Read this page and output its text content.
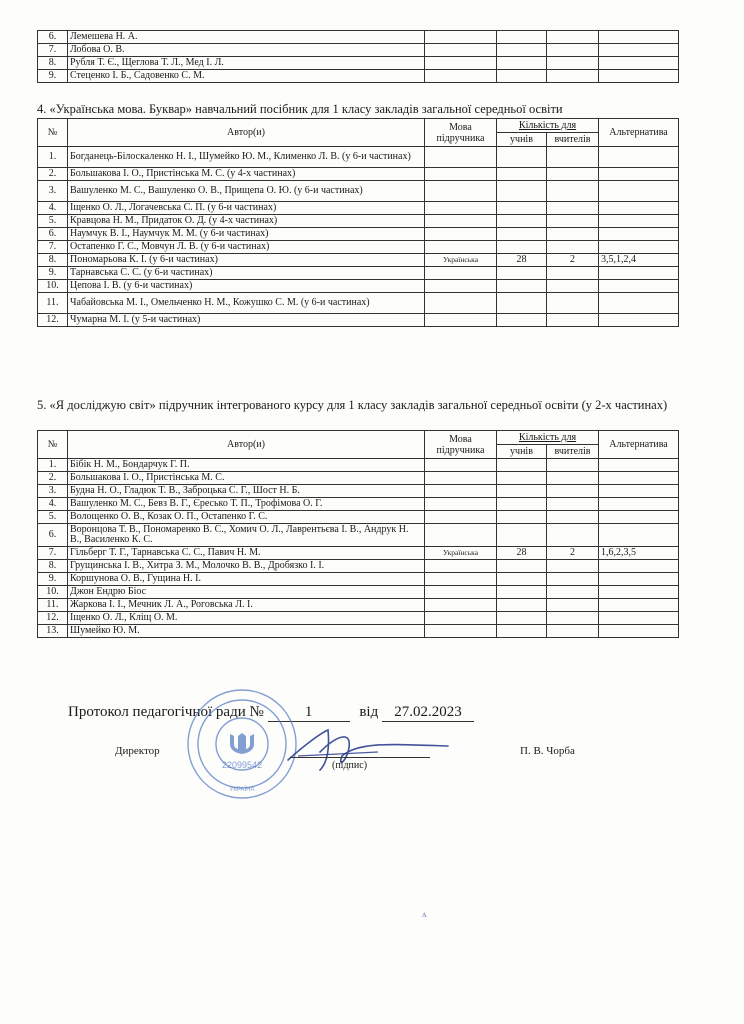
6.	Лемешева Н. А.				
7.	Лобова О. В.				
8.	Рубля Т. Є., Щеглова Т. Л., Мед І. Л.				
9.	Стеценко І. Б., Садовенко С. М.				
4. «Українська мова. Буквар» навчальний посібник для 1 класу закладів загальної середньої освіти
№	Автор(и)	Мова підручника	Кількість для		Альтернатива
			учнів	вчителів	
1.	Богданець-Білоскаленко Н. І., Шумейко Ю. М., Клименко Л. В. (у 6-и частинах)				
2.	Большакова І. О., Пристінська М. С. (у 4-х частинах)				
3.	Вашуленко М. С., Вашуленко О. В., Прищепа О. Ю. (у 6-и частинах)				
4.	Іщенко О. Л., Логачевська С. П. (у 6-и частинах)				
5.	Кравцова Н. М., Придаток О. Д. (у 4-х частинах)				
6.	Наумчук В. І., Наумчук М. М. (у 6-и частинах)				
7.	Остапенко Г. С., Мовчун Л. В. (у 6-и частинах)				
8.	Пономарьова К. І. (у 6-и частинах)	Українська	28	2	3,5,1,2,4
9.	Тарнавська С. С. (у 6-и частинах)				
10.	Цепова І. В. (у 6-и частинах)				
11.	Чабайовська М. І., Омельченко Н. М., Кожушко С. М. (у 6-и частинах)				
12.	Чумарна М. І. (у 5-и частинах)				
5. «Я досліджую світ» підручник інтегрованого курсу для 1 класу закладів загальної середньої освіти (у 2-х частинах)
№	Автор(и)	Мова підручника	Кількість для		Альтернатива
			учнів	вчителів	
1.	Бібік Н. М., Бондарчук Г. П.				
2.	Большакова І. О., Пристінська М. С.				
3.	Будна Н. О., Гладюк Т. В., Заброцька С. Г., Шост Н. Б.				
4.	Вашуленко М. С., Бевз В. Г., Єресько Т. П., Трофімова О. Г.				
5.	Волощенко О. В., Козак О. П., Остапенко Г. С.				
6.	Воронцова Т. В., Пономаренко В. С., Хомич О. Л., Лаврентьєва І. В., Андрук Н. В., Василенко К. С.				
7.	Гільберг Т. Г., Тарнавська С. С., Павич Н. М.	Українська	28	2	1,6,2,3,5
8.	Грущинська І. В., Хитра З. М., Молочко В. В., Дробязко І. І.				
9.	Коршунова О. В., Гущина Н. І.				
10.	Джон Ендрю Біос				
11.	Жаркова І. І., Мечник Л. А., Роговська Л. І.				
12.	Іщенко О. Л., Кліщ О. М.				
13.	Шумейко Ю. М.				
Протокол педагогічної ради №	1	від 27.02.2023
22099542
УКРАЇНА
Директор
(підпис)
П. В. Чорба
ʌ
